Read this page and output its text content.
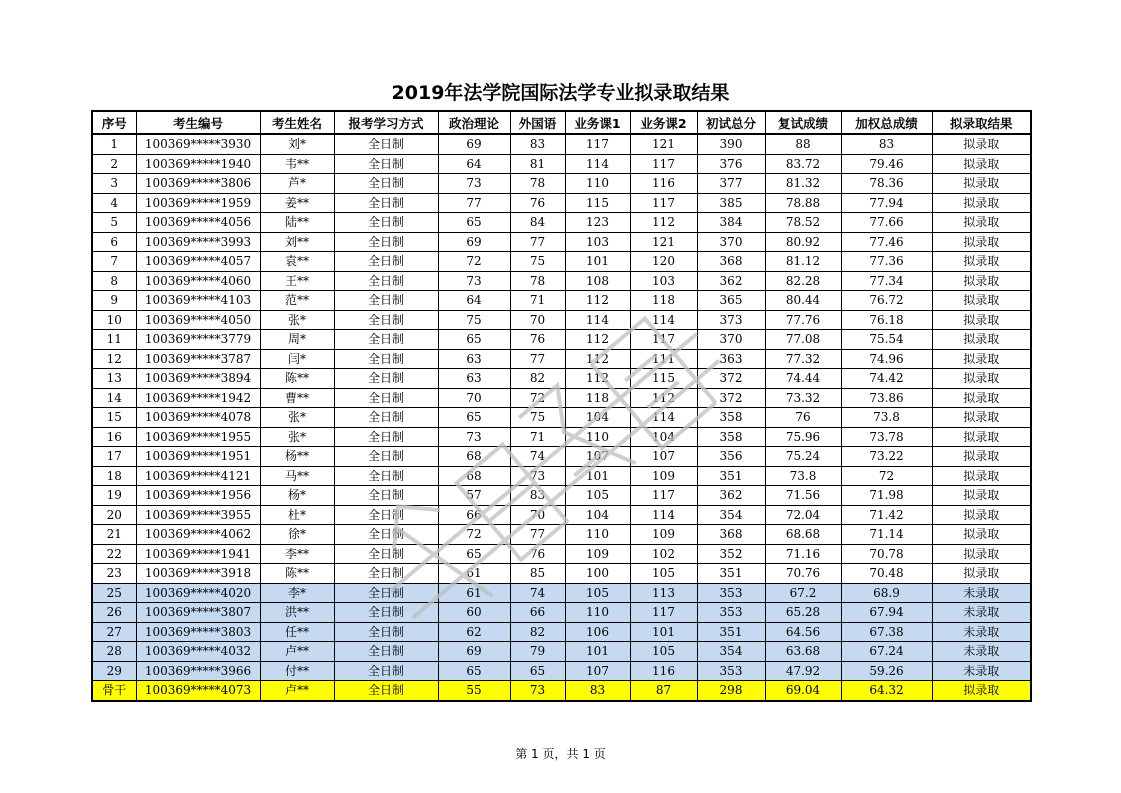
2019年法学院国际法学专业拟录取结果
序号	考生编号	考生姓名	报考学习方式	政治理论	外国语	业务课1	业务课2	初试总分	复试成绩	加权总成绩	拟录取结果
1	100369*****3930	刘*	全日制	69	83	117	121	390	88	83	拟录取
2	100369*****1940	韦**	全日制	64	81	114	117	376	83.72	79.46	拟录取
3	100369*****3806	芦*	全日制	73	78	110	116	377	81.32	78.36	拟录取
4	100369*****1959	姜**	全日制	77	76	115	117	385	78.88	77.94	拟录取
5	100369*****4056	陆**	全日制	65	84	123	112	384	78.52	77.66	拟录取
6	100369*****3993	刘**	全日制	69	77	103	121	370	80.92	77.46	拟录取
7	100369*****4057	袁**	全日制	72	75	101	120	368	81.12	77.36	拟录取
8	100369*****4060	王**	全日制	73	78	108	103	362	82.28	77.34	拟录取
9	100369*****4103	范**	全日制	64	71	112	118	365	80.44	76.72	拟录取
10	100369*****4050	张*	全日制	75	70	114	114	373	77.76	76.18	拟录取
11	100369*****3779	周*	全日制	65	76	112	117	370	77.08	75.54	拟录取
12	100369*****3787	闫*	全日制	63	77	112	111	363	77.32	74.96	拟录取
13	100369*****3894	陈**	全日制	63	82	112	115	372	74.44	74.42	拟录取
14	100369*****1942	曹**	全日制	70	72	118	112	372	73.32	73.86	拟录取
15	100369*****4078	张*	全日制	65	75	104	114	358	76	73.8	拟录取
16	100369*****1955	张*	全日制	73	71	110	104	358	75.96	73.78	拟录取
17	100369*****1951	杨**	全日制	68	74	107	107	356	75.24	73.22	拟录取
18	100369*****4121	马**	全日制	68	73	101	109	351	73.8	72	拟录取
19	100369*****1956	杨*	全日制	57	83	105	117	362	71.56	71.98	拟录取
20	100369*****3955	杜*	全日制	66	70	104	114	354	72.04	71.42	拟录取
21	100369*****4062	徐*	全日制	72	77	110	109	368	68.68	71.14	拟录取
22	100369*****1941	李**	全日制	65	76	109	102	352	71.16	70.78	拟录取
23	100369*****3918	陈**	全日制	61	85	100	105	351	70.76	70.48	拟录取
25	100369*****4020	李*	全日制	61	74	105	113	353	67.2	68.9	未录取
26	100369*****3807	洪**	全日制	60	66	110	117	353	65.28	67.94	未录取
27	100369*****3803	任**	全日制	62	82	106	101	351	64.56	67.38	未录取
28	100369*****4032	卢**	全日制	69	79	101	105	354	63.68	67.24	未录取
29	100369*****3966	付**	全日制	65	65	107	116	353	47.92	59.26	未录取
骨干	100369*****4073	卢**	全日制	55	73	83	87	298	69.04	64.32	拟录取
第 1 页，共 1 页
